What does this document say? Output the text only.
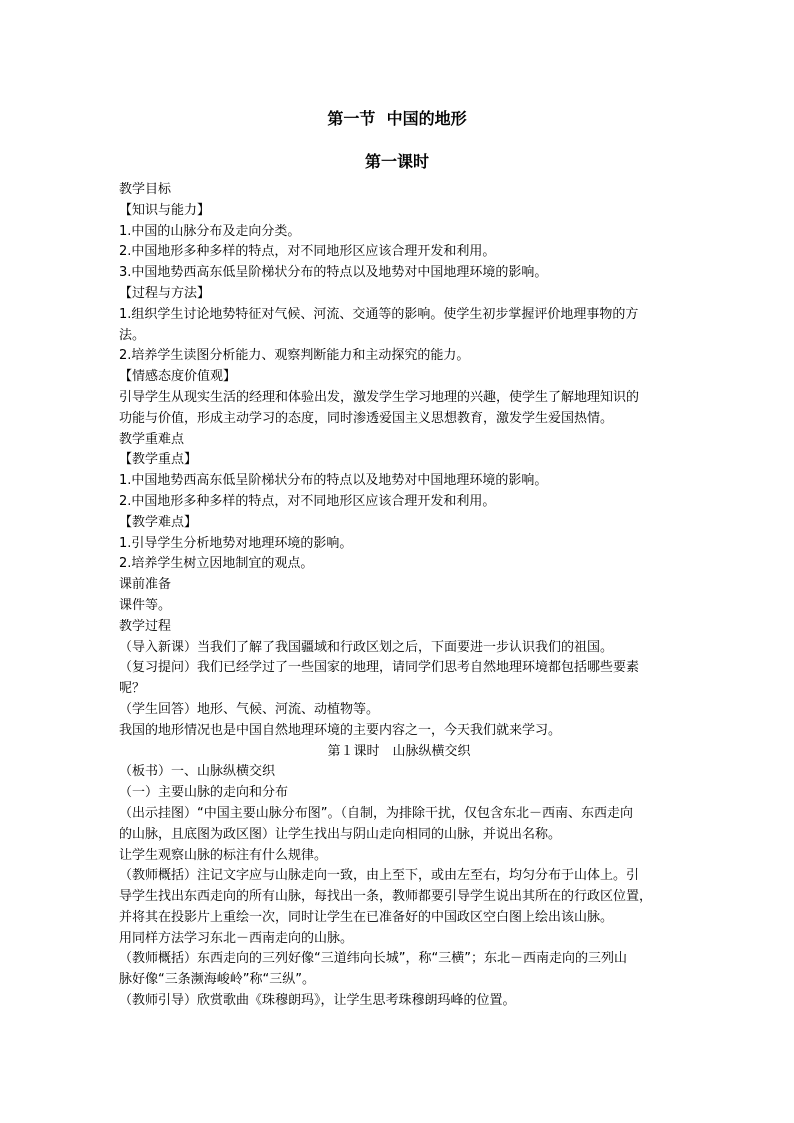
第一节  中国的地形
第一课时
教学目标
【知识与能力】
1.中国的山脉分布及走向分类。
2.中国地形多种多样的特点，对不同地形区应该合理开发和利用。
3.中国地势西高东低呈阶梯状分布的特点以及地势对中国地理环境的影响。
【过程与方法】
1.组织学生讨论地势特征对气候、河流、交通等的影响。使学生初步掌握评价地理事物的方
法。
2.培养学生读图分析能力、观察判断能力和主动探究的能力。
【情感态度价值观】
引导学生从现实生活的经理和体验出发，激发学生学习地理的兴趣，使学生了解地理知识的
功能与价值，形成主动学习的态度，同时渗透爱国主义思想教育，激发学生爱国热情。
教学重难点
【教学重点】
1.中国地势西高东低呈阶梯状分布的特点以及地势对中国地理环境的影响。
2.中国地形多种多样的特点，对不同地形区应该合理开发和利用。
【教学难点】
1.引导学生分析地势对地理环境的影响。
2.培养学生树立因地制宜的观点。
课前准备
课件等。
教学过程
（导入新课）当我们了解了我国疆域和行政区划之后，下面要进一步认识我们的祖国。
（复习提问）我们已经学过了一些国家的地理，请同学们思考自然地理环境都包括哪些要素
呢？
（学生回答）地形、气候、河流、动植物等。
我国的地形情况也是中国自然地理环境的主要内容之一，今天我们就来学习。
第１课时　山脉纵横交织
（板书）一、山脉纵横交织
（一）主要山脉的走向和分布
（出示挂图）“中国主要山脉分布图”。（自制，为排除干扰，仅包含东北－西南、东西走向
的山脉，且底图为政区图）让学生找出与阴山走向相同的山脉，并说出名称。
让学生观察山脉的标注有什么规律。
（教师概括）注记文字应与山脉走向一致，由上至下，或由左至右，均匀分布于山体上。引
导学生找出东西走向的所有山脉，每找出一条，教师都要引导学生说出其所在的行政区位置，
并将其在投影片上重绘一次，同时让学生在已准备好的中国政区空白图上绘出该山脉。
用同样方法学习东北－西南走向的山脉。
（教师概括）东西走向的三列好像“三道纬向长城”，称“三横”；东北－西南走向的三列山
脉好像“三条濒海峻岭”称“三纵”。
（教师引导）欣赏歌曲《珠穆朗玛》，让学生思考珠穆朗玛峰的位置。
